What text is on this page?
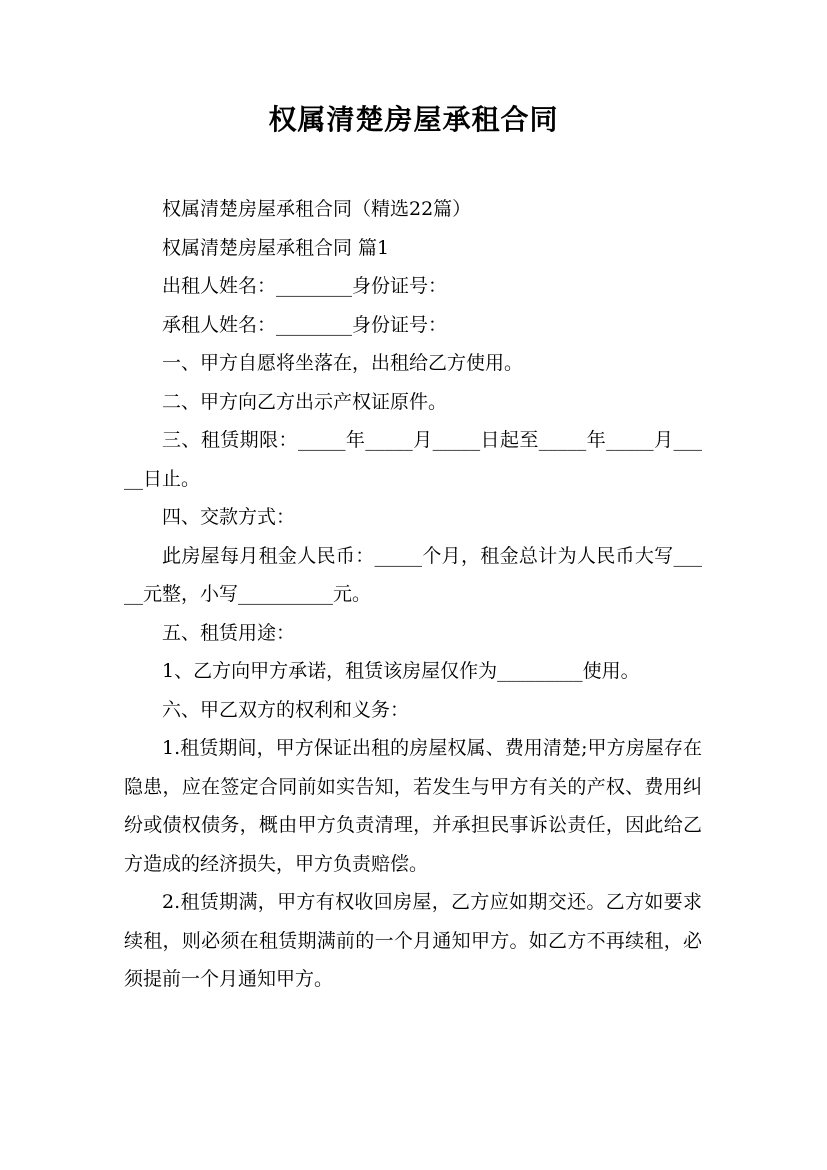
权属清楚房屋承租合同

权属清楚房屋承租合同（精选22篇）

权属清楚房屋承租合同 篇1

出租人姓名：________身份证号：

承租人姓名：________身份证号：

一、甲方自愿将坐落在，出租给乙方使用。

二、甲方向乙方出示产权证原件。

三、租赁期限：_____年_____月_____日起至_____年_____月_____日止。

四、交款方式：

此房屋每月租金人民币：_____个月，租金总计为人民币大写_____元整，小写__________元。

五、租赁用途：

1、乙方向甲方承诺，租赁该房屋仅作为_________使用。

六、甲乙双方的权利和义务：

1.租赁期间，甲方保证出租的房屋权属、费用清楚;甲方房屋存在隐患，应在签定合同前如实告知，若发生与甲方有关的产权、费用纠纷或债权债务，概由甲方负责清理，并承担民事诉讼责任，因此给乙方造成的经济损失，甲方负责赔偿。

2.租赁期满，甲方有权收回房屋，乙方应如期交还。乙方如要求续租，则必须在租赁期满前的一个月通知甲方。如乙方不再续租，必须提前一个月通知甲方。
